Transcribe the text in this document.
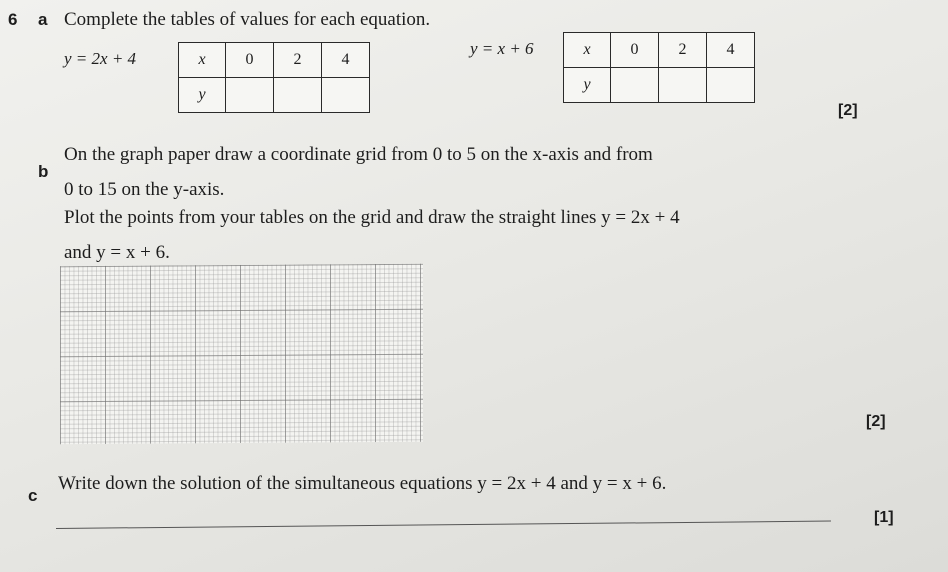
6 a Complete the tables of values for each equation.
y = 2x + 4	x	0	2	4
y			
y = x + 6	x	0	2	4
y			
[2]
b
On the graph paper draw a coordinate grid from 0 to 5 on the x-axis and from
0 to 15 on the y-axis.
Plot the points from your tables on the grid and draw the straight lines y = 2x + 4
and y = x + 6.
[2]
c
Write down the solution of the simultaneous equations y = 2x + 4 and y = x + 6.
[1]
